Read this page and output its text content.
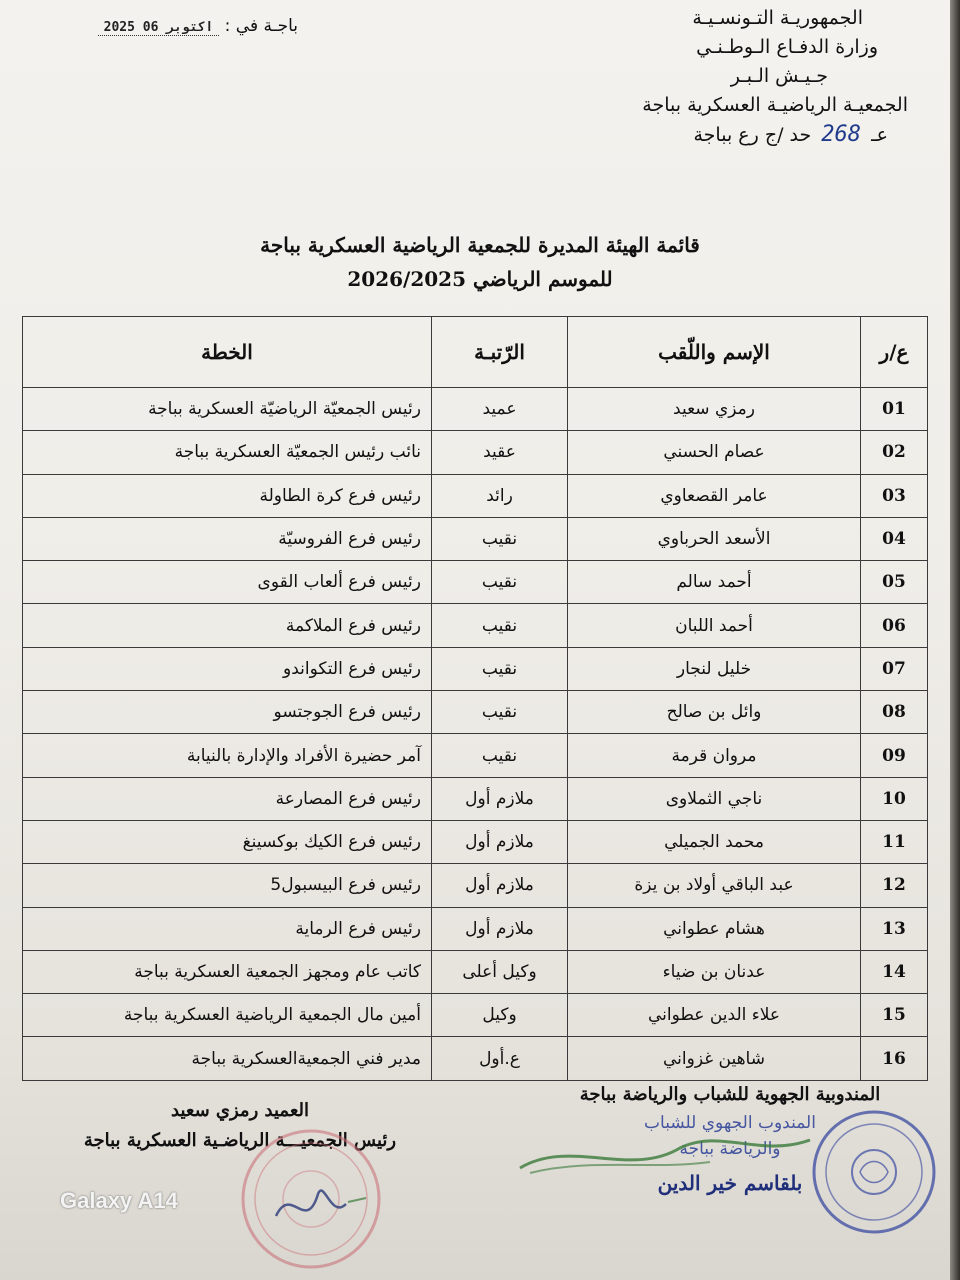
الجمهوريـة التـونسـيـة
وزارة الدفـاع الـوطـنـي
جـيـش الـبـر
الجمعيـة الرياضيـة العسكرية بباجة
عـ 268 حد /ج رع بباجة
باجـة في : 2025 اكتوبر 06
قائمة الهيئة المديرة للجمعية الرياضية العسكرية بباجة
للموسم الرياضي 2026/2025
ع/ر	الإسم واللّقب	الرّتبـة	الخطة
01	رمزي سعيد	عميد	رئيس الجمعيّة الرياضيّة العسكرية بباجة
02	عصام الحسني	عقيد	نائب رئيس الجمعيّة العسكرية بباجة
03	عامر القصعاوي	رائد	رئيس فرع كرة الطاولة
04	الأسعد الحرباوي	نقيب	رئيس فرع الفروسيّة
05	أحمد سالم	نقيب	رئيس فرع ألعاب القوى
06	أحمد اللبان	نقيب	رئيس فرع الملاكمة
07	خليل لنجار	نقيب	رئيس فرع التكواندو
08	وائل بن صالح	نقيب	رئيس فرع الجوجتسو
09	مروان قرمة	نقيب	آمر حضيرة الأفراد والإدارة بالنيابة
10	ناجي الثملاوى	ملازم أول	رئيس فرع المصارعة
11	محمد الجميلي	ملازم أول	رئيس فرع الكيك بوكسينغ
12	عبد الباقي أولاد بن يزة	ملازم أول	رئيس فرع البيسبول5
13	هشام عطواني	ملازم أول	رئيس فرع الرماية
14	عدنان بن ضياء	وكيل أعلى	كاتب عام ومجهز الجمعية العسكرية بباجة
15	علاء الدين عطواني	وكيل	أمين مال الجمعية الرياضية العسكرية بباجة
16	شاهين غزواني	ع.أول	مدير فني الجمعيةالعسكرية بباجة
العميد رمزي سعيد
رئيس الجمعيـــة الرياضـية العسكرية بباجة
المندوبية الجهوية للشباب والرياضة بباجة
المندوب الجهوي للشباب
والرياضة بباجة
بلقاسم خير الدين
Galaxy A14
